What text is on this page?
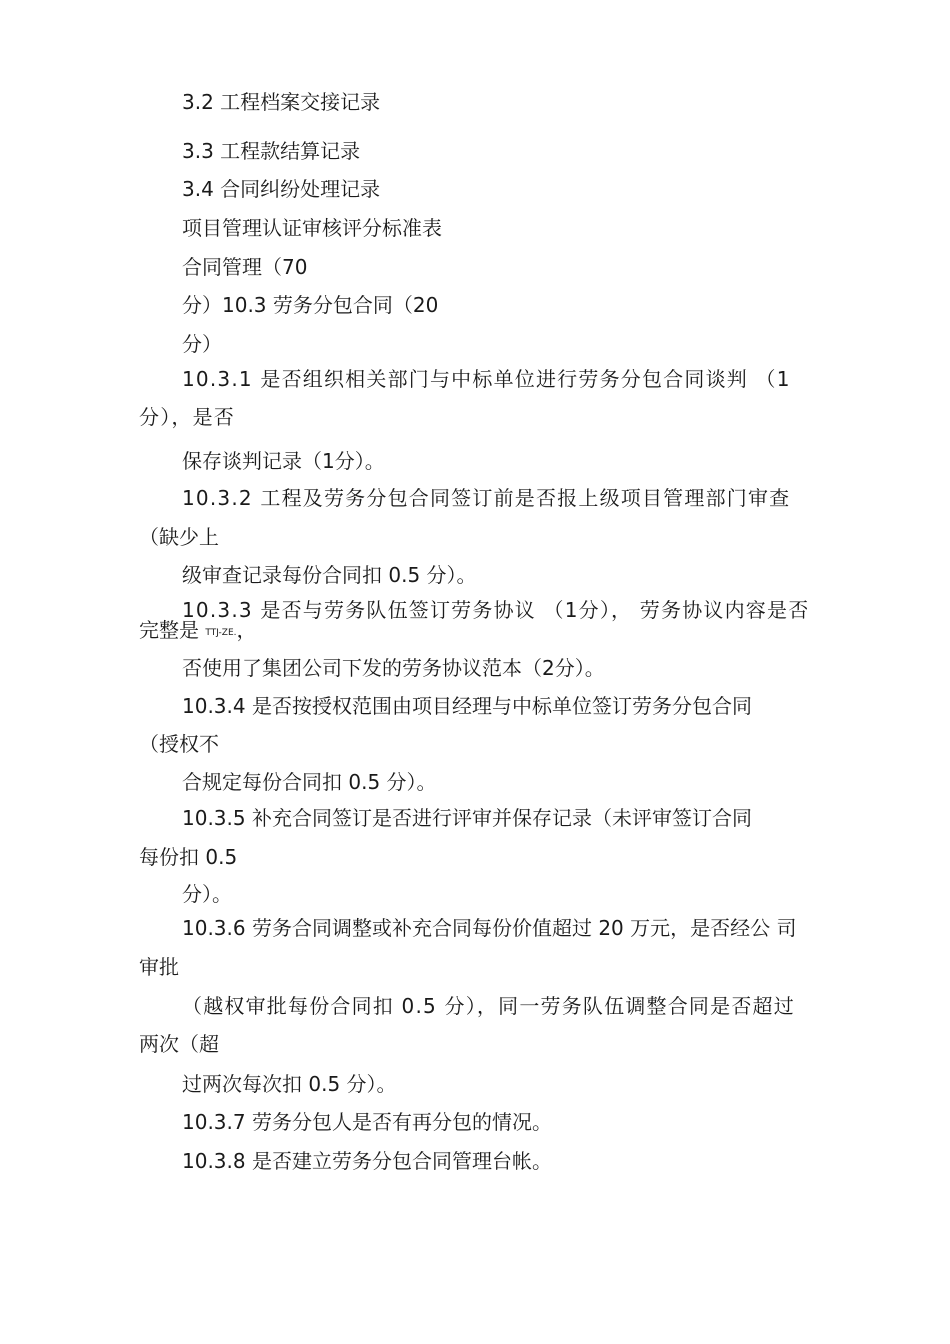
3.2 工程档案交接记录

3.3 工程款结算记录

3.4 合同纠纷处理记录

项目管理认证审核评分标准表

合同管理（70

分）10.3 劳务分包合同（20

分）

10.3.1 是否组织相关部门与中标单位进行劳务分包合同谈判 （1

分），是否

保存谈判记录（1分）。

10.3.2 工程及劳务分包合同签订前是否报上级项目管理部门审查

（缺少上

级审查记录每份合同扣 0.5 分）。

10.3.3 是否与劳务队伍签订劳务协议 （1分）， 劳务协议内容是否

完整是 TTJ-ZE.，

否使用了集团公司下发的劳务协议范本（2分）。

10.3.4 是否按授权范围由项目经理与中标单位签订劳务分包合同

（授权不

合规定每份合同扣 0.5 分）。

10.3.5 补充合同签订是否进行评审并保存记录（未评审签订合同

每份扣 0.5

分）。

10.3.6 劳务合同调整或补充合同每份价值超过 20 万元，是否经公 司

审批

（越权审批每份合同扣 0.5 分），同一劳务队伍调整合同是否超过

两次（超

过两次每次扣 0.5 分）。

10.3.7 劳务分包人是否有再分包的情况。

10.3.8 是否建立劳务分包合同管理台帐。
